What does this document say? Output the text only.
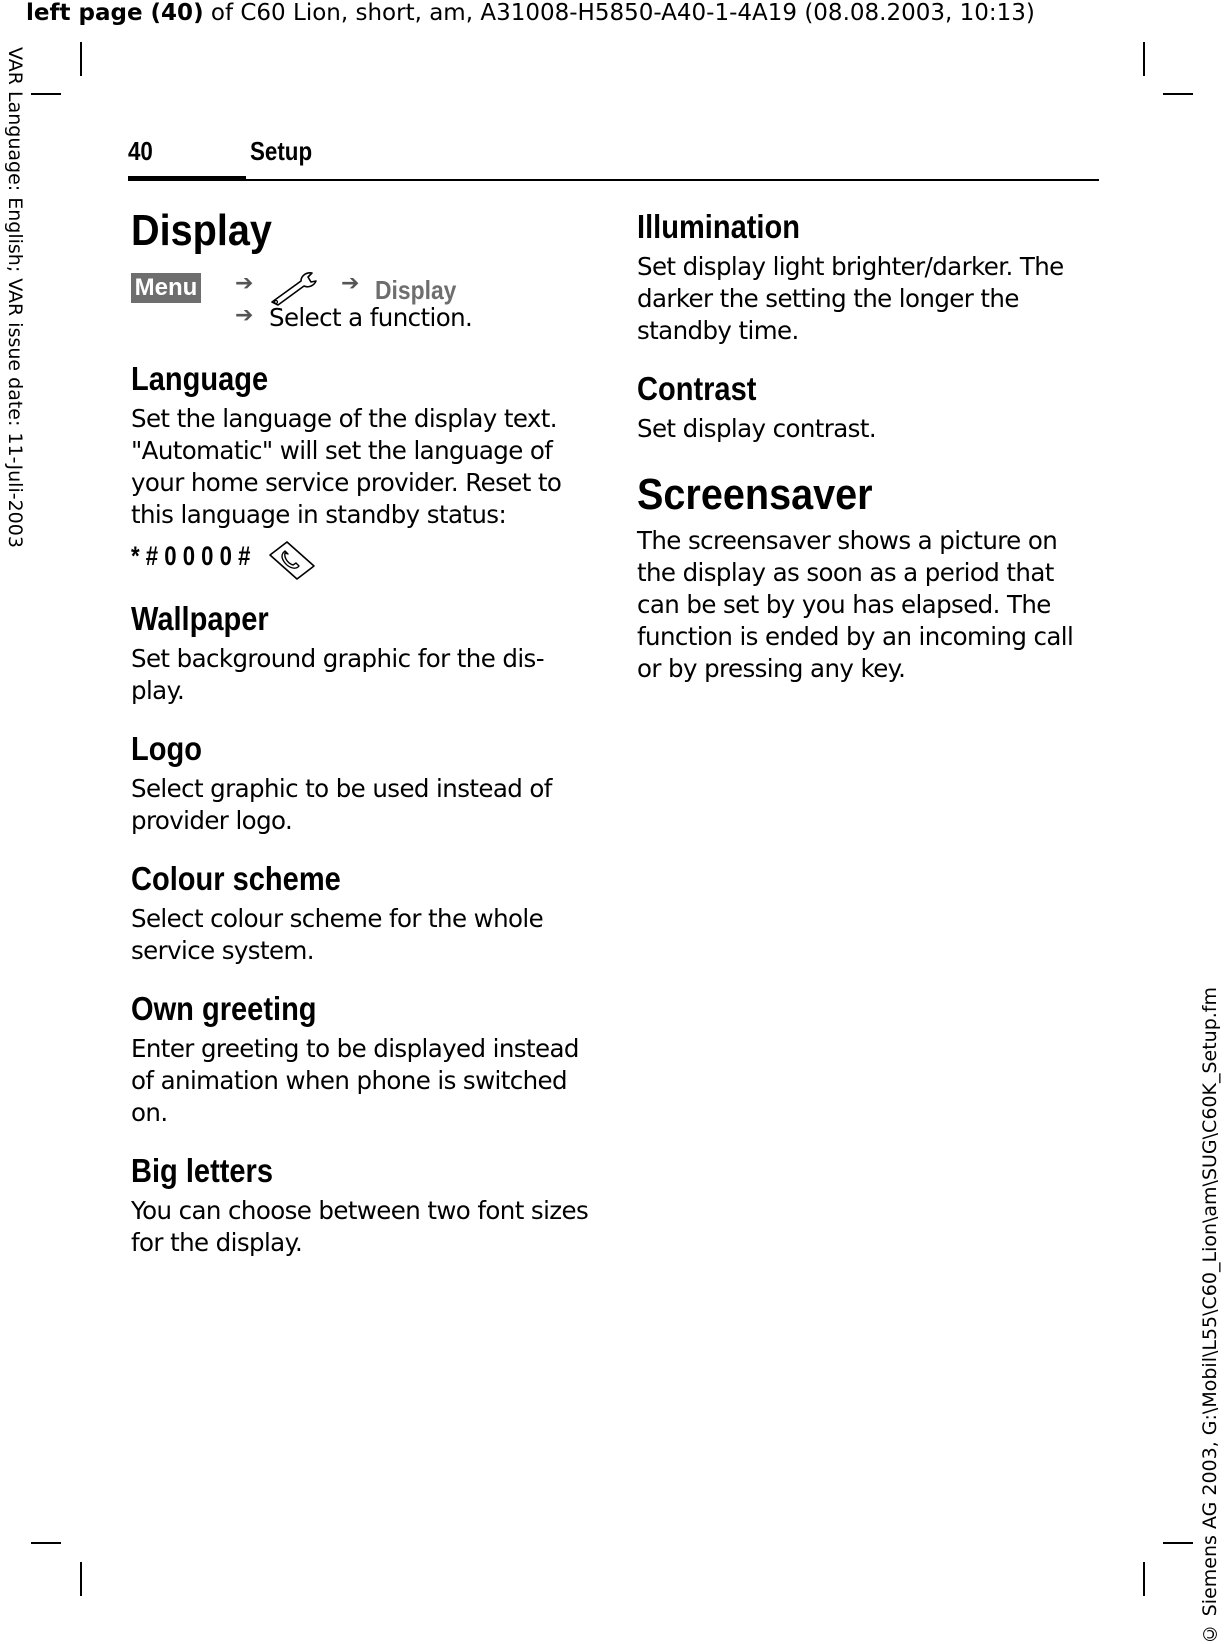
left page (40) of C60 Lion, short, am, A31008-H5850-A40-1-4A19 (08.08.2003, 10:13)
VAR Language: English; VAR issue date: 11-Juli-2003
© Siemens AG 2003, G:\Mobil\L55\C60_Lion\am\SUG\C60K_Setup.fm
40	Setup
Display
Menu ➔	➔ Display
➔ Select a function.
Language

Set the language of the display text. "Automatic" will set the language of your home service provider. Reset to this language in standby status:

* # 0 0 0 0 #
Wallpaper

Set background graphic for the dis-play.

Logo

Select graphic to be used instead of provider logo.

Colour scheme

Select colour scheme for the whole service system.

Own greeting

Enter greeting to be displayed instead of animation when phone is switched on.

Big letters

You can choose between two font sizes for the display.

Illumination

Set display light brighter/darker. The darker the setting the longer the standby time.

Contrast

Set display contrast.

Screensaver

The screensaver shows a picture on the display as soon as a period that can be set by you has elapsed. The function is ended by an incoming call or by pressing any key.
